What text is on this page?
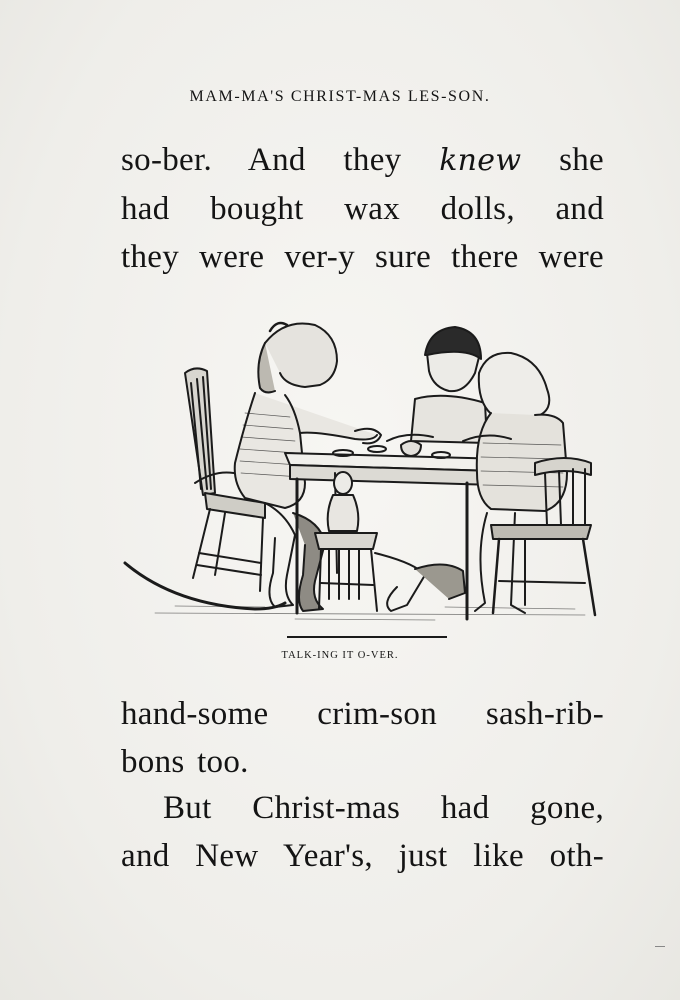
MAM-MA'S CHRIST-MAS LES-SON.
so-ber. And they knew she
had bought wax dolls, and
they were ver-y sure there were
TALK-ING IT O-VER.
hand-some crim-son sash-rib-
bons too.
But Christ-mas had gone,
and New Year's, just like oth-
